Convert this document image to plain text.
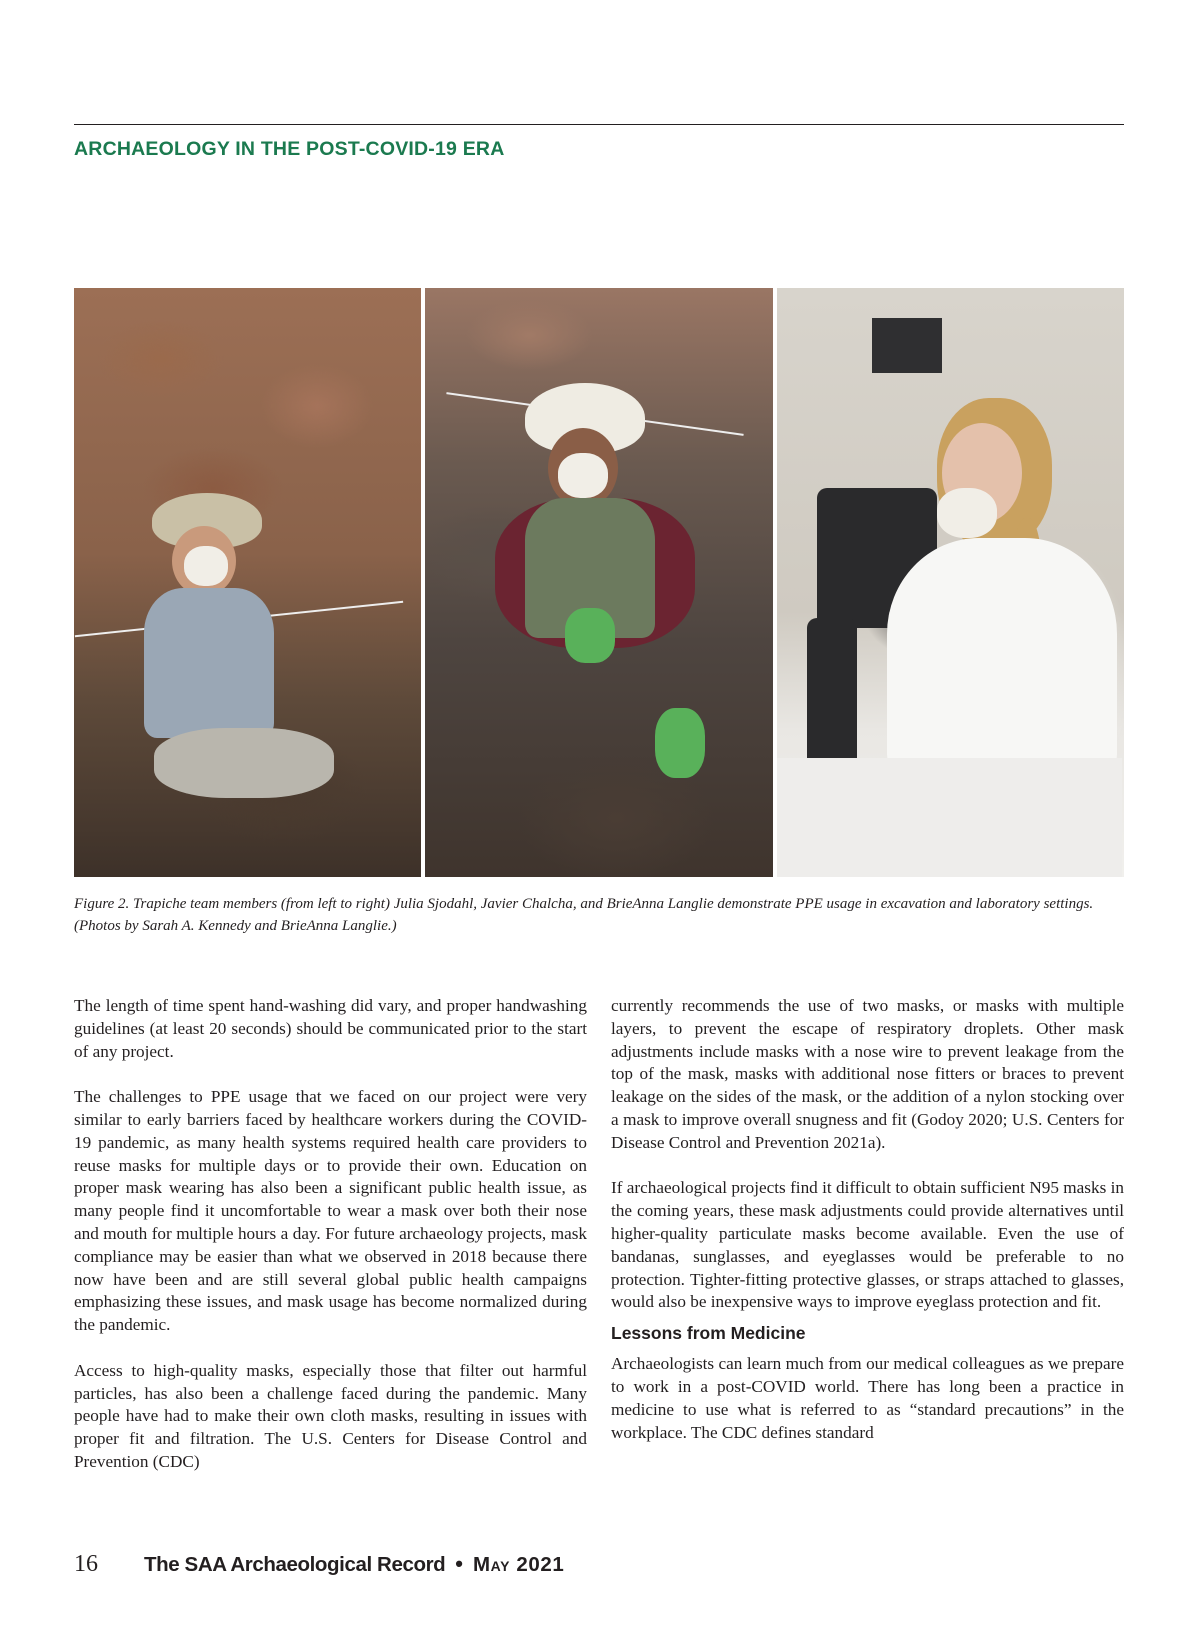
ARCHAEOLOGY IN THE POST-COVID-19 ERA
Figure 2. Trapiche team members (from left to right) Julia Sjodahl, Javier Chalcha, and BrieAnna Langlie demonstrate PPE usage in excavation and laboratory settings. (Photos by Sarah A. Kennedy and BrieAnna Langlie.)

The length of time spent hand-washing did vary, and proper handwashing guidelines (at least 20 seconds) should be communicated prior to the start of any project.

The challenges to PPE usage that we faced on our project were very similar to early barriers faced by healthcare workers during the COVID-19 pandemic, as many health systems required health care providers to reuse masks for multiple days or to provide their own. Education on proper mask wearing has also been a significant public health issue, as many people find it uncomfortable to wear a mask over both their nose and mouth for multiple hours a day. For future archaeology projects, mask compliance may be easier than what we observed in 2018 because there now have been and are still several global public health campaigns emphasizing these issues, and mask usage has become normalized during the pandemic.

Access to high-quality masks, especially those that filter out harmful particles, has also been a challenge faced during the pandemic. Many people have had to make their own cloth masks, resulting in issues with proper fit and filtration. The U.S. Centers for Disease Control and Prevention (CDC)

currently recommends the use of two masks, or masks with multiple layers, to prevent the escape of respiratory droplets. Other mask adjustments include masks with a nose wire to prevent leakage from the top of the mask, masks with additional nose fitters or braces to prevent leakage on the sides of the mask, or the addition of a nylon stocking over a mask to improve overall snugness and fit (Godoy 2020; U.S. Centers for Disease Control and Prevention 2021a).

If archaeological projects find it difficult to obtain sufficient N95 masks in the coming years, these mask adjustments could provide alternatives until higher-quality particulate masks become available. Even the use of bandanas, sunglasses, and eyeglasses would be preferable to no protection. Tighter-fitting protective glasses, or straps attached to glasses, would also be inexpensive ways to improve eyeglass protection and fit.

Lessons from Medicine

Archaeologists can learn much from our medical colleagues as we prepare to work in a post-COVID world. There has long been a practice in medicine to use what is referred to as “standard precautions” in the workplace. The CDC defines standard

16 The SAA Archaeological Record • May 2021
